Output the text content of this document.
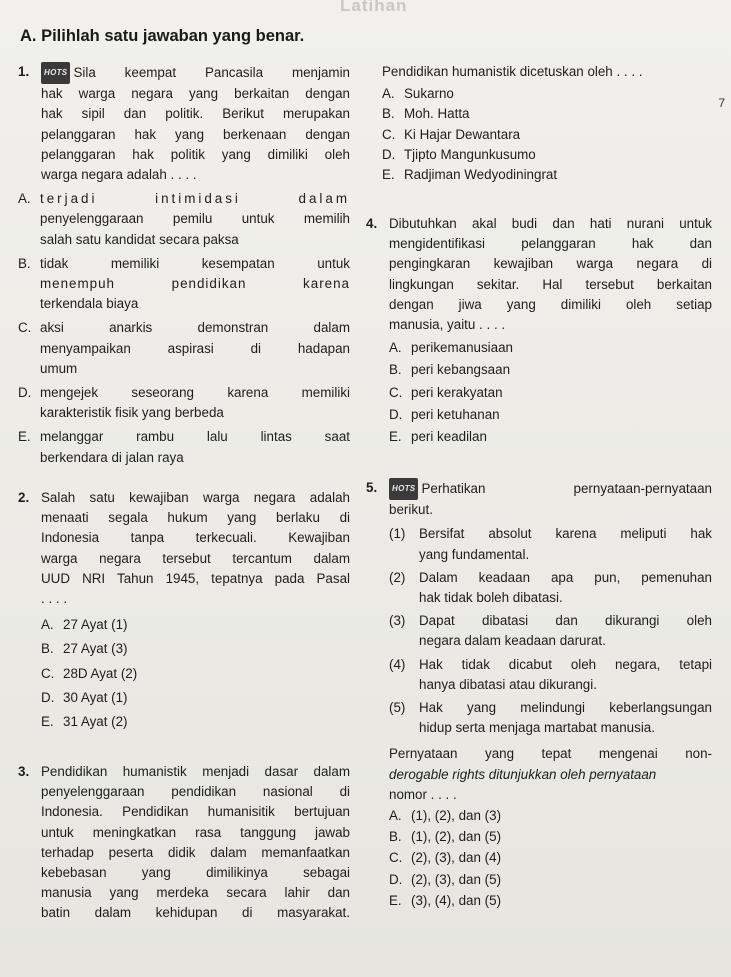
Latihan
A. Pilihlah satu jawaban yang benar.
7
1.	HOTS Sila keempat Pancasila menjamin
hak warga negara yang berkaitan dengan
hak sipil dan politik. Berikut merupakan
pelanggaran hak yang berkenaan dengan
pelanggaran hak politik yang dimiliki oleh
warga negara adalah . . . .
A. terjadi intimidasi dalam
penyelenggaraan pemilu untuk memilih
salah satu kandidat secara paksa
B. tidak memiliki kesempatan untuk
menempuh pendidikan karena
terkendala biaya
C. aksi anarkis demonstran dalam
menyampaikan aspirasi di hadapan
umum
D. mengejek seseorang karena memiliki
karakteristik fisik yang berbeda
E. melanggar rambu lalu lintas saat
berkendara di jalan raya
2. Salah satu kewajiban warga negara adalah
menaati segala hukum yang berlaku di
Indonesia tanpa terkecuali. Kewajiban
warga negara tersebut tercantum dalam
UUD NRI Tahun 1945, tepatnya pada Pasal
. . . .
A. 27 Ayat (1)
B. 27 Ayat (3)
C. 28D Ayat (2)
D. 30 Ayat (1)
E. 31 Ayat (2)
3. Pendidikan humanistik menjadi dasar dalam
penyelenggaraan pendidikan nasional di
Indonesia. Pendidikan humanisitik bertujuan
untuk meningkatkan rasa tanggung jawab
terhadap peserta didik dalam memanfaatkan
kebebasan yang dimilikinya sebagai
manusia yang merdeka secara lahir dan
batin dalam kehidupan di masyarakat.
Pendidikan humanistik dicetuskan oleh . . . .
A. Sukarno
B. Moh. Hatta
C. Ki Hajar Dewantara
D. Tjipto Mangunkusumo
E. Radjiman Wedyodiningrat
4. Dibutuhkan akal budi dan hati nurani untuk
mengidentifikasi pelanggaran hak dan
pengingkaran kewajiban warga negara di
lingkungan sekitar. Hal tersebut berkaitan
dengan jiwa yang dimiliki oleh setiap
manusia, yaitu . . . .
A. perikemanusiaan
B. peri kebangsaan
C. peri kerakyatan
D. peri ketuhanan
E. peri keadilan
5.	HOTS Perhatikan pernyataan-pernyataan
berikut.
(1) Bersifat absolut karena meliputi hak
yang fundamental.
(2) Dalam keadaan apa pun, pemenuhan
hak tidak boleh dibatasi.
(3) Dapat dibatasi dan dikurangi oleh
negara dalam keadaan darurat.
(4) Hak tidak dicabut oleh negara, tetapi
hanya dibatasi atau dikurangi.
(5) Hak yang melindungi keberlangsungan
hidup serta menjaga martabat manusia.
Pernyataan yang tepat mengenai non-
derogable rights ditunjukkan oleh pernyataan
nomor . . . .
A. (1), (2), dan (3)
B. (1), (2), dan (5)
C. (2), (3), dan (4)
D. (2), (3), dan (5)
E. (3), (4), dan (5)
